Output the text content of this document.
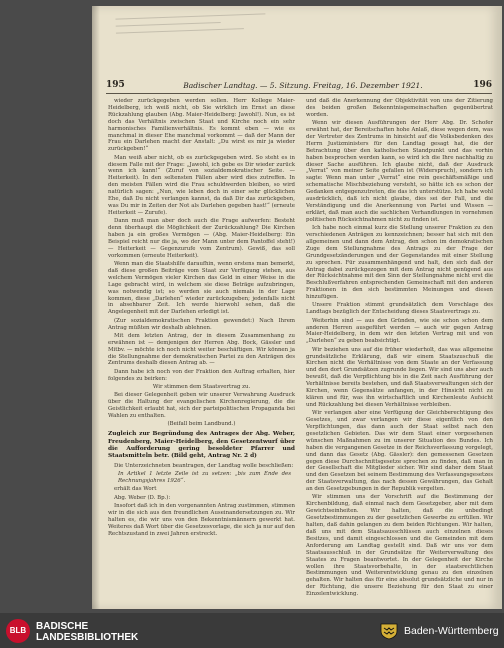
195	Badischer Landtag. — 5. Sitzung. Freitag, 16. Dezember 1921.	196

wieder zurückgegeben werden sollen. Herr Kollege Maier-Heidelberg, ich weiß nicht, ob Sie wirklich im Ernst an diese Rückzahlung glauben (Abg. Maier-Heidelberg: Jawohl!). Nun, es ist doch das Verhältnis zwischen Staat und Kirche noch ein sehr harmonisches Familienverhältnis. Es kommt eben — wie es manchmal in dieser Ehe manchmal vorkommt — daß der Mann der Frau ein Darlehen macht der Anstalt: „Du wirst es mir ja wieder zurückgeben!“

Man weiß aber nicht, ob es zurückgegeben wird. So steht es in diesem Falle mit der Frage: „Jawohl, ich gebe es Dir wieder zurück wenn ich kann!“ (Zuruf von sozialdemokratischer Seite. — Heiterkeit). In den seltensten Fällen aber wird dies zutreffen. In den meisten Fällen wird die Frau schuldwerden bleiben, so wird natürlich sagen: „Nun, wie leben doch in einer sehr glücklichen Ehe, daß Du nicht verlangen kannst, da daß Dir das zurückgeben, was Du mir in Zeiten der Not als Darlehen gegeben hast!“ (erneute Heiterkeit — Zurufe).

Dann muß man aber doch auch die Frage aufwerfen: Besteht denn überhaupt die Möglichkeit der Zurückzahlung? Die Kirchen haben ja ein großes Vermögen — (Abg. Maier-Heidelberg: Ein Beispiel reicht nur die ja, wo der Mann unter dem Pantoffel steht!) — Heiterkeit — Gegenzurufe vom Zentrum). Gewiß, das soll vorkommen (erneute Heiterkeit).

Wenn man die Staatshilfe daraufhin, wenn erstens man bemerkt, daß diese großen Beiträge vom Staat zur Verfügung stehen, aus welchem Vermögen vieler Kirchen das Geld in einer Weise in die Lage gebracht wird, in welchem sie diese Beträge aufzubringen, was notwendig ist; so werden sie auch niemals in der Lage kommen, diese „Darlehen“ wieder zurückzugeben; jedenfalls nicht in absehbarer Zeit. Ich werde hierwohl sehen, daß die Angelegenheit mit der Darlehen erledigt ist.

(Zur sozialdemokratischen Fraktion gewendet:) Nach Ihrem Antrag müßten wir deshalb ablehnen.

Mit dem letzten Antrag, der in diesem Zusammenhang zu erwähnen ist — demjenigen der Herren Abg. Bock, Gässler und Mitbv. — möchte ich noch nicht weiter beschäftigen. Wir können ja die Stellungnahme der demokratischen Partei zu den Anträgen des Zentrums deshalb diesen Antrag ab. —

Dann habe ich noch von der Fraktion den Auftrag erhalten, hier folgendes zu beirken:

Wir stimmen dem Staatsvertrag zu.

Bei dieser Gelegenheit geben wir unserer Verwahrung Ausdruck über die Haltung der evangelischen Kirchenregierung, die die Geistlichkeit erlaubt hat, sich der parteipolitischen Propaganda bei Wahlen zu enthalten.

(Beifall beim Landbund.)

Zugleich zur Begründung des Antrages der Abg. Weber, Freudenberg, Maier-Heidelberg, den Gesetzentwurf über die Aufforderung gering besoldeter Pfarrer und Staatsmitteln betr. (Bild geht, Antrag Nr. 2 d)

Die Unterzeichneten beantragen, der Landtag wolle beschließen:

In Artikel 1 letzte Zeile ist zu setzen: „bis zum Ende des Rechnungsjahres 1926“.

erhält das Wort

Abg. Weber (D. Bp.):

Insofort daß ich in den vorgenannten Antrag zustimmen, stimmen wir in die sich aus den freundlichen Auseinandersetzungen zu. Wir halten es, die wir uns von den Bekenntnismännern gewerkt hat. Weiteres daß Wort über die Gesetzesvorlage, die sich ja nur auf den Rechtszustand in zwei Jahren erstreckt.

und daß die Anerkennung der Objektivität von uns der Zitierung des beiden großen Bekenntnisgemeinschaften gegenübertrat worden.

Wenn wir diesen Ausführungen der Herr Abg. Dr. Schofer erwähnt hat, der Bereitschaften hohe Anlaß, diese wegen dem, was der Vertreter des Zentrums in hinsicht auf die Volksbedenken des Herrn Justizministers für den Landtag gesagt hat, die der Betrachtung über den katholischen Standpunkt und das vorhin haben besprochen werden kann, so wird ich die Ihre nachhaltig zu dieser Sache ausführen. Ich glaube nicht, daß der Ausdruck „Verrat“ von meiner Seite gefallen ist (Widerspruch), sondern ich sagte: Wenn man unter „Verrat“ eine rein geschäftsmäßige und schematische Mischbeziehung versteht, so hätte ich es schon der Gedanken entgegenzutreten, die das ich unterstütze. Ich habe wohl ausdrücklich, daß ich nicht glaube, dies sei der Fall, und die Verständigung und die Anerkennung von Partei und Wissen — erklärt, daß man auch die sachlichen Verhandlungen in vornehmen politischen Rücksichtnahmen nicht zu finden ist.

Ich habe noch einmal kurz die Stellung unserer Fraktion zu den verschiedenen Anträgen zu kennzeichnen; besser hat sich mit den allgemeinen und dann dem Antrag, den schon im demokratischen Zuge dem Stellungnahme des Antrags zu der Frage der Grundgesetzänderungen und der Gegenstandes mit einer Stellung zu sprechen. Für zusammenhängend und halt, den sich daß der Antrag dabei zurückgezogen mit dem Antrag nicht genügend aus der Rücksichtnahme mit den Sinn der Stellungnahme nicht erst die Beschlußverfahren entsprechenden Gemeinschaft mit den anderen Fraktionen in den sich bestimmten Meinungen und diesen hinzufügen.

Unsere Fraktion stimmt grundsätzlich dem Vorschlage des Landtags bezüglich der Entscheidung dieses Staatsvertrags zu.

Weiterhin sind — aus den Gründen, wie sie schon schon dem anderen Herren ausgeführt werden — auch wir gegen Antrag Maier-Heidelberg, in dem wir den letzten Vertrag mit und von „Darlehen“ zu geben beabsichtigt.

Wir beziehen uns auf die früher wiederholt, das was allgemeine grundsätzliche Erklärung, daß wir einem Staatszuschuß die Kirchen nicht die Verhältnisse von dem Staate an der Verfassung und den dort Grundsätzen zugrunde liegen. Wir sind uns aber auch bewußt, daß die Verpflichtung bis in die Zeit nach Ausführung der Verhältnisse bereits bestehen, und daß Staatsverwaltungen sich der Kirchen, wenn Gegensätze anfangen, in der Hinsicht nicht zu klären und für, was ihn wirtschaftlich und Kirchenleute Aufsicht und Rückzahlung bei diesen Verhältnisse verbleiben.

Wir verlangen aber eine Verfügung der Gleichberechtigung des Gesetzes, und zwar verlangen wir diese eigentlich von den Verpflichtungen, das dann auch der Staat selbst nach den gesetzlichen Gebieten. Das wir dem Staat einer vorgesehenen wünschen Maßnahmen zu im unserer Situation des Bundes. Ich haben die vergangenen Gesetze in der Reichsverfassung vorgelegt, und dann das Gesetz (Abg. Gässler): den gemessenen Gesetzen gegen diese Durchschnittsgesetze sprechen zu finden, daß man in der Gesellschaft die Mitglieder sicher. Wir sind daher dem Staat und den Gesetzen bei seinem Bestimmung des Verfassungsgesetzes der Staatsverwaltung, das nach dessen Gewährungen, das Gehalt an den Gesetzgebungen in der Republik vergelten.

Wir stimmen uns der Vorschrift auf die Bestimmung der Kirchenbildung, daß einmal nach dem Gesetzgeber, aber mit dem Gewichtseinheiten. Wir halten, daß die unbedingt Gesetzbestimmungen zu der gesetzlichen Gewerbe zu erfüllen. Wir halten, daß dahin gelangen zu dem beiden Richtungen. Wir halten, daß uns mit dem Staatsausschlüssen auch einzelnen dieses Besitzes, und damit eingeschlossen und die Gemeinden mit dem Anforderung am Landtag gestellt sind. Daß wir uns vor dem Staatsausschluß in der Grundsätze für Weiterverwaltung des Staates zu Fragen beantwortet. In der Gelegenheit der Kirche wollen ihre Staatsvorbehalte, in der staatsrechtlichen Bestimmungen und Weiterentwicklung genau zu den einzelnen gehalten. Wir halten das für eine absolut grundsätzliche und nur in der Richtung, die unsere Beziehung für den Staat zu einer Einzelentwicklung.

BLB BADISCHE
LANDESBIBLIOTHEK
Baden-Württemberg
